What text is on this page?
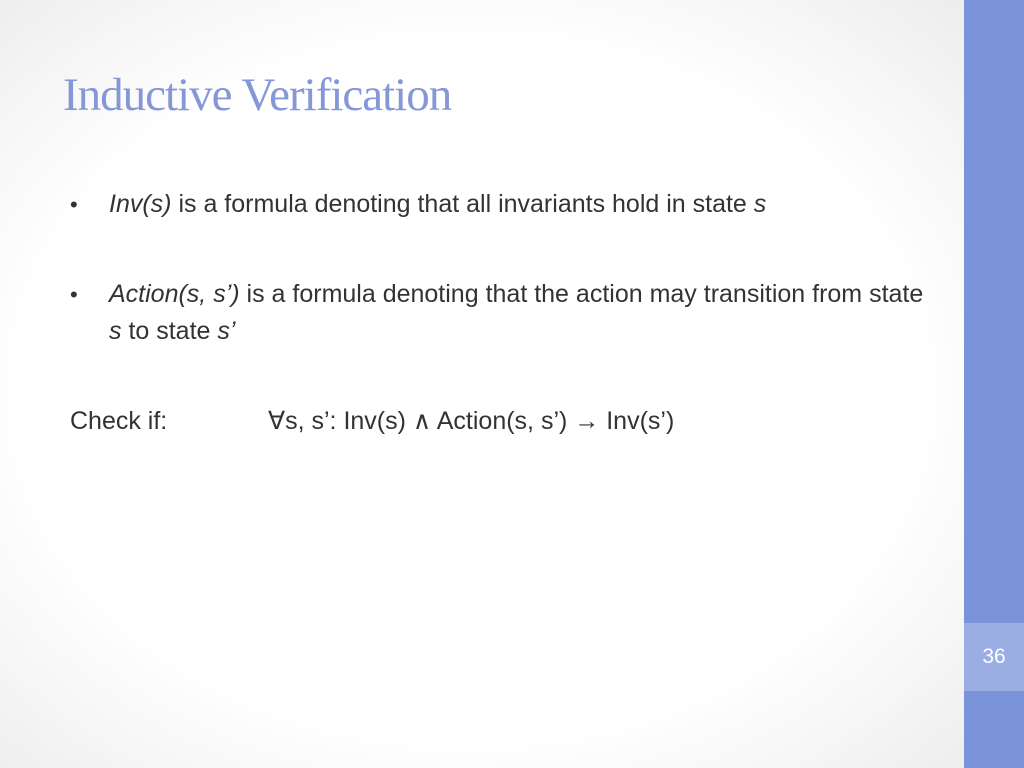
Inductive Verification
• Inv(s) is a formula denoting that all invariants hold in state s
• Action(s, s’) is a formula denoting that the action may transition from state s to state s’
Check if:	∀s, s’: Inv(s) ∧ Action(s, s’) → Inv(s’)
36
